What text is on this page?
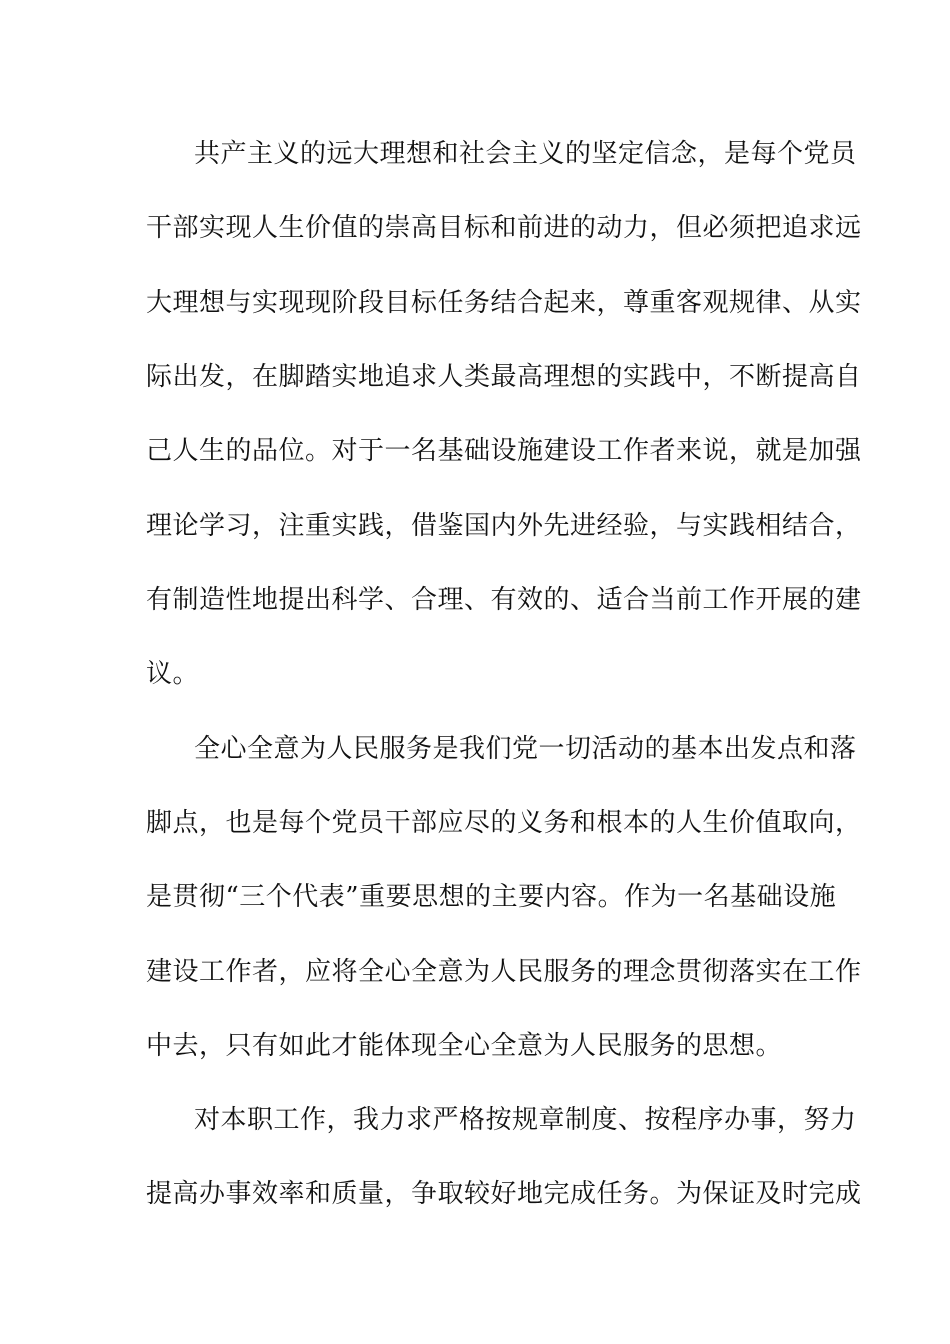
共产主义的远大理想和社会主义的坚定信念，是每个党员
干部实现人生价值的崇高目标和前进的动力，但必须把追求远
大理想与实现现阶段目标任务结合起来，尊重客观规律、从实
际出发，在脚踏实地追求人类最高理想的实践中，不断提高自
己人生的品位。对于一名基础设施建设工作者来说，就是加强
理论学习，注重实践，借鉴国内外先进经验，与实践相结合，
有制造性地提出科学、合理、有效的、适合当前工作开展的建
议。
全心全意为人民服务是我们党一切活动的基本出发点和落
脚点，也是每个党员干部应尽的义务和根本的人生价值取向，
是贯彻“三个代表”重要思想的主要内容。作为一名基础设施
建设工作者，应将全心全意为人民服务的理念贯彻落实在工作
中去，只有如此才能体现全心全意为人民服务的思想。
对本职工作，我力求严格按规章制度、按程序办事，努力
提高办事效率和质量，争取较好地完成任务。为保证及时完成
